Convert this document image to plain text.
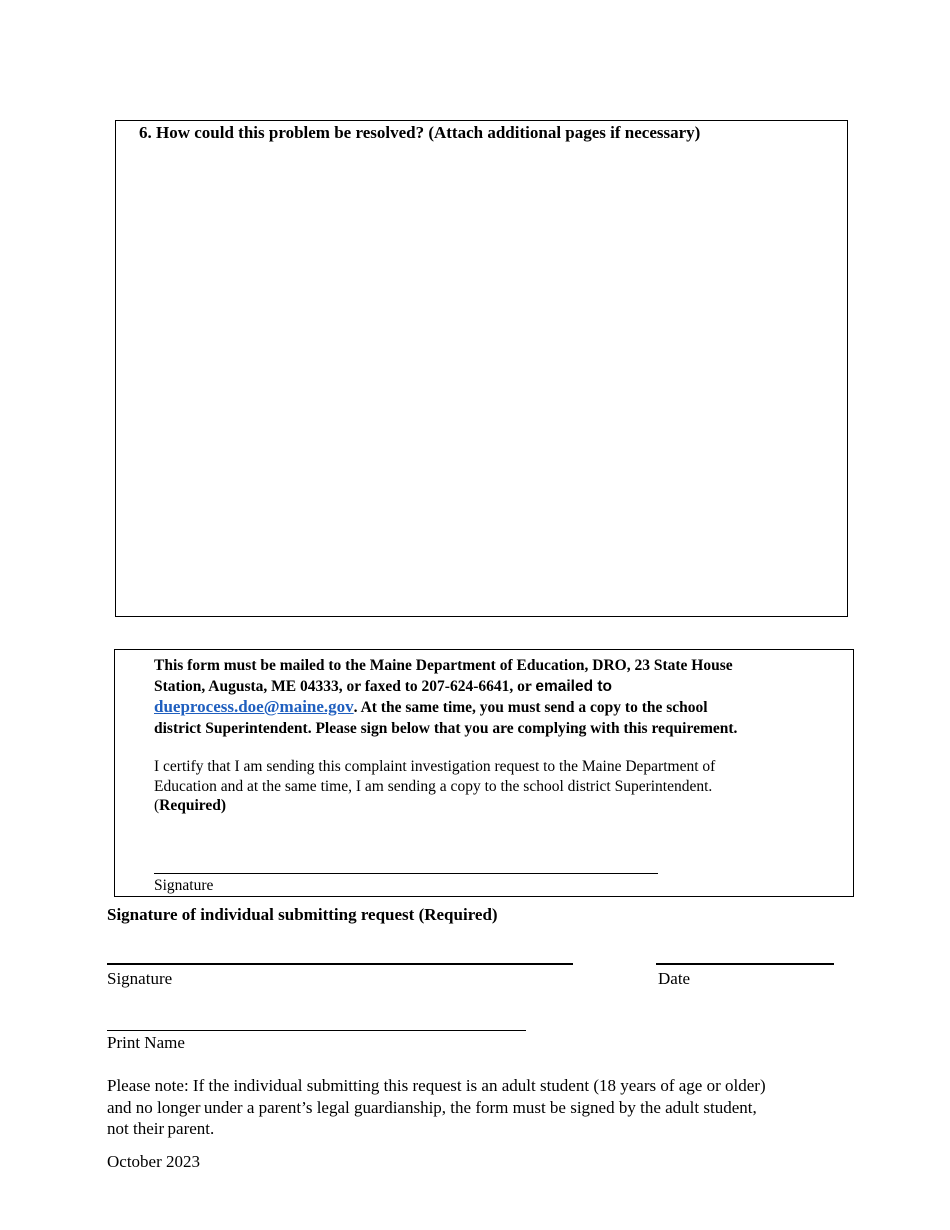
6. How could this problem be resolved? (Attach additional pages if necessary)
This form must be mailed to the Maine Department of Education, DRO, 23 State House
Station, Augusta, ME 04333, or faxed to 207-624-6641, or emailed to
dueprocess.doe@maine.gov. At the same time, you must send a copy to the school
district Superintendent. Please sign below that you are complying with this requirement.
I certify that I am sending this complaint investigation request to the Maine Department of
Education and at the same time, I am sending a copy to the school district Superintendent.
(Required)
Signature
Signature of individual submitting request (Required)
Signature	Date
Print Name
Please note: If the individual submitting this request is an adult student (18 years of age or older)
and no longer under a parent’s legal guardianship, the form must be signed by the adult student,
not their parent.
October 2023
